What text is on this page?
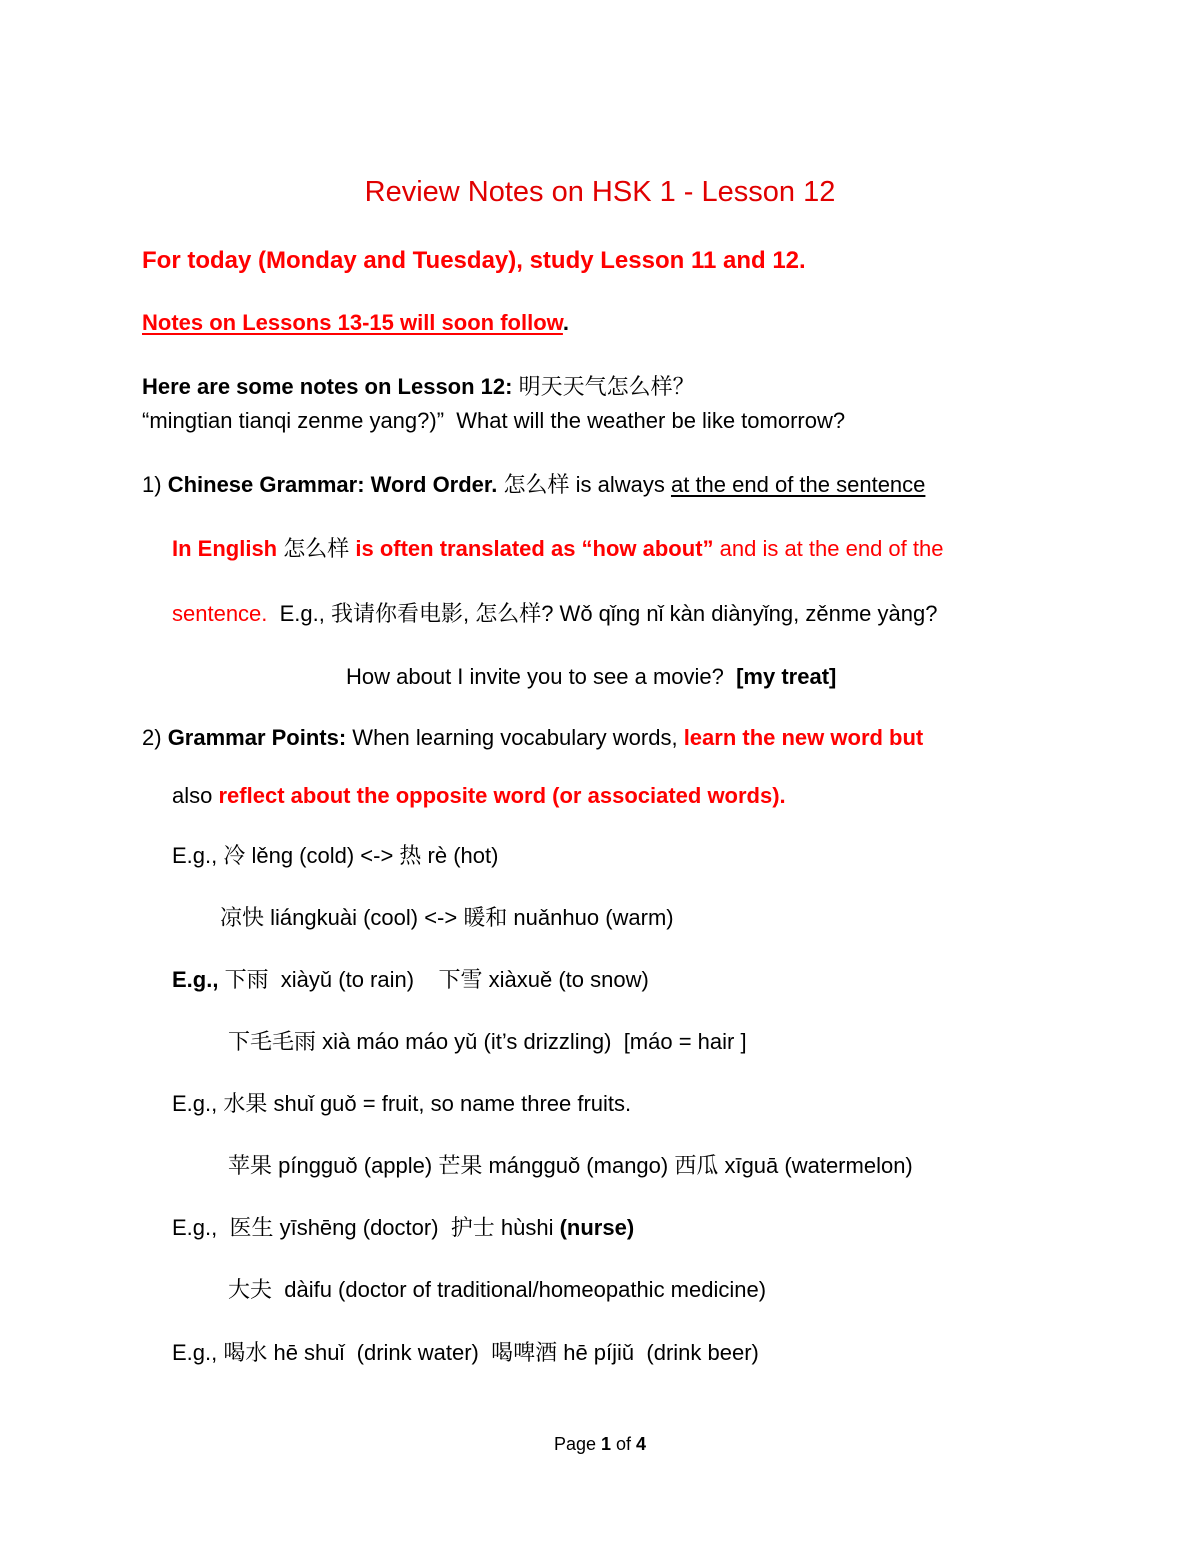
Review Notes on HSK 1 - Lesson 12
For today (Monday and Tuesday), study Lesson 11 and 12.
Notes on Lessons 13-15 will soon follow.
Here are some notes on Lesson 12: 明天天气怎么样？
“mingtian tianqi zenme yang?)”  What will the weather be like tomorrow?
1) Chinese Grammar: Word Order. 怎么样 is always at the end of the sentence
In English 怎么样 is often translated as “how about” and is at the end of the
sentence.  E.g., 我请你看电影, 怎么样? Wǒ qǐng nǐ kàn diànyǐng, zěnme yàng?
How about I invite you to see a movie?  [my treat]
2) Grammar Points: When learning vocabulary words, learn the new word but
also reflect about the opposite word (or associated words).
E.g., 冷 lěng (cold) <-> 热 rè (hot)
凉快 liángkuài (cool) <-> 暖和 nuǎnhuo (warm)
E.g., 下雨  xiàyǔ (to rain)    下雪 xiàxuě (to snow)
下毛毛雨 xià máo máo yǔ (it’s drizzling)  [máo = hair ]
E.g., 水果 shuǐ guǒ = fruit, so name three fruits.
苹果 píngguǒ (apple) 芒果 mángguǒ (mango) 西瓜 xīguā (watermelon)
E.g.,  医生 yīshēng (doctor)  护士 hùshi (nurse)
大夫  dàifu (doctor of traditional/homeopathic medicine)
E.g., 喝水 hē shuǐ  (drink water)  喝啤酒 hē píjiǔ  (drink beer)
Page 1 of 4
